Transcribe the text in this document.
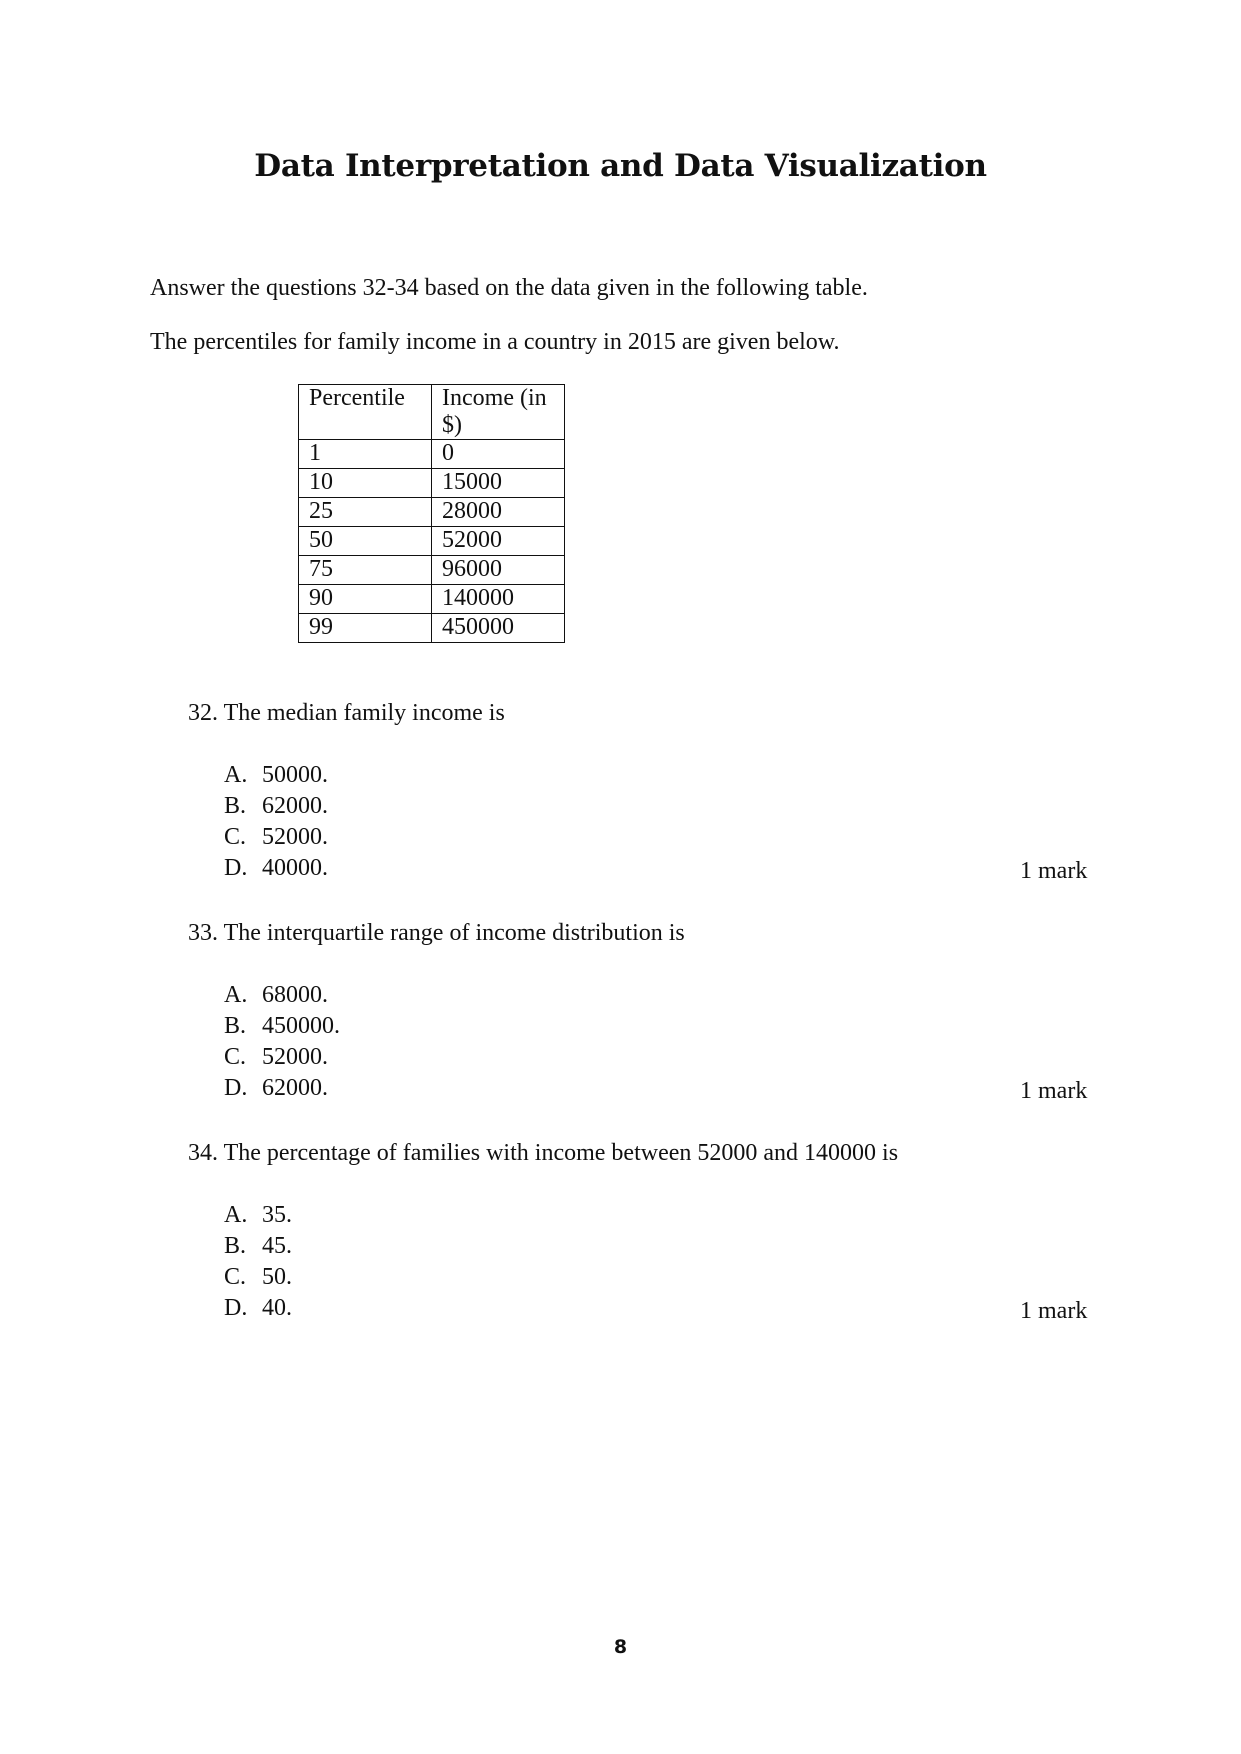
Data Interpretation and Data Visualization

Answer the questions 32-34 based on the data given in the following table.

The percentiles for family income in a country in 2015 are given below.

Percentile	Income (in $)
1	0
10	15000
25	28000
50	52000
75	96000
90	140000
99	450000

32. The median family income is

A. 50000.
B. 62000.
C. 52000.
D. 40000.	1 mark

33. The interquartile range of income distribution is

A. 68000.
B. 450000.
C. 52000.
D. 62000.	1 mark

34. The percentage of families with income between 52000 and 140000 is

A. 35.
B. 45.
C. 50.
D. 40.	1 mark
8
